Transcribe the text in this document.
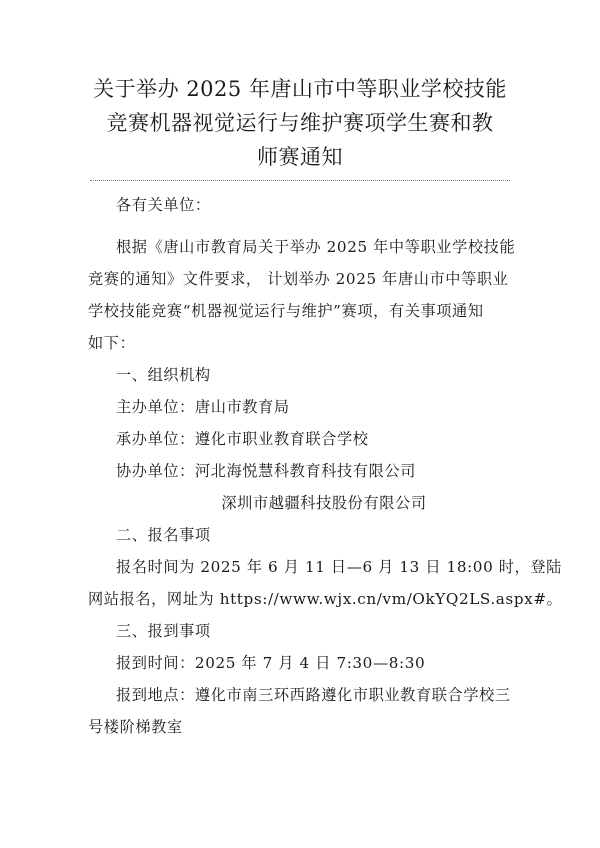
关于举办 2025 年唐山市中等职业学校技能
竞赛机器视觉运行与维护赛项学生赛和教
师赛通知
各有关单位：
根据《唐山市教育局关于举办 2025 年中等职业学校技能
竞赛的通知》文件要求， 计划举办 2025 年唐山市中等职业
学校技能竞赛“机器视觉运行与维护”赛项，有关事项通知
如下：
一、组织机构
主办单位：唐山市教育局
承办单位：遵化市职业教育联合学校
协办单位：河北海悦慧科教育科技有限公司
深圳市越疆科技股份有限公司
二、报名事项
报名时间为 2025 年 6 月 11 日—6 月 13 日 18:00 时，登陆
网站报名，网址为 https://www.wjx.cn/vm/OkYQ2LS.aspx#。
三、报到事项
报到时间：2025 年 7 月 4 日 7:30—8:30
报到地点：遵化市南三环西路遵化市职业教育联合学校三
号楼阶梯教室
